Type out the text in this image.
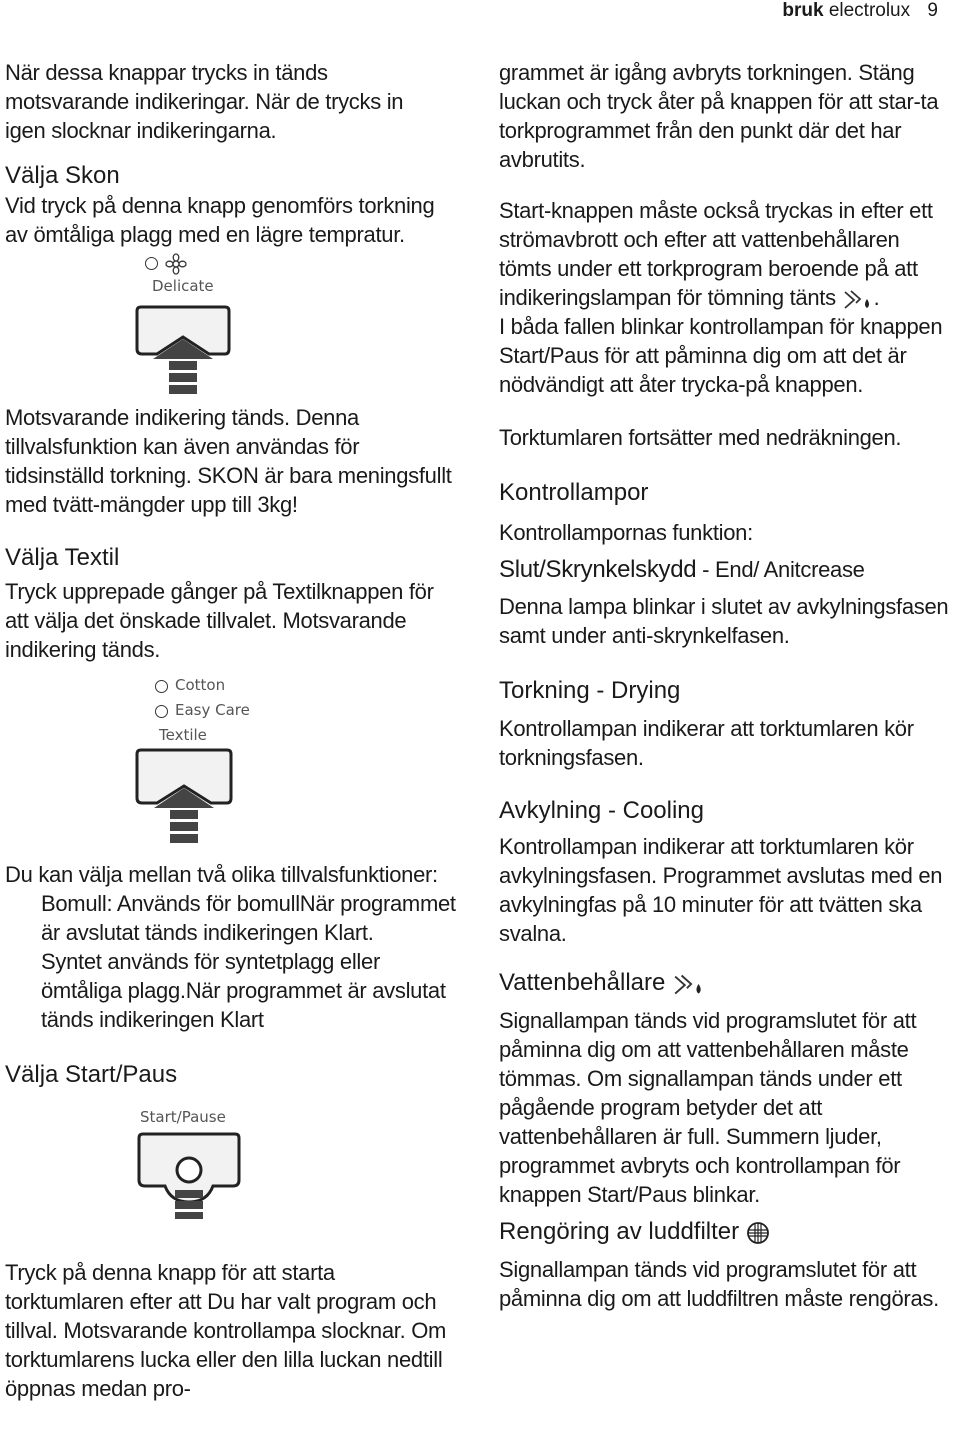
bruk electrolux 9

När dessa knappar trycks in tänds motsvarande indikeringar. När de trycks in igen slocknar indikeringarna.

Välja Skon

Vid tryck på denna knapp genomförs torkning av ömtåliga plagg med en lägre tempratur.

Delicate

Motsvarande indikering tänds. Denna tillvalsfunktion kan även användas för tidsinställd torkning. SKON är bara meningsfullt med tvätt-mängder upp till 3kg!

Välja Textil

Tryck upprepade gånger på Textilknappen för att välja det önskade tillvalet. Motsvarande indikering tänds.

Cotton
Easy Care
Textile

Du kan välja mellan två olika tillvalsfunktioner:

Bomull: Används för bomullNär programmet är avslutat tänds indikeringen Klart.

Syntet används för syntetplagg eller ömtåliga plagg.När programmet är avslutat tänds indikeringen Klart

Välja Start/Paus
Start/Pause

Tryck på denna knapp för att starta torktumlaren efter att Du har valt program och tillval. Motsvarande kontrollampa slocknar. Om torktumlarens lucka eller den lilla luckan nedtill öppnas medan pro-

grammet är igång avbryts torkningen. Stäng luckan och tryck åter på knappen för att star-ta torkprogrammet från den punkt där det har avbrutits.

Start-knappen måste också tryckas in efter ett strömavbrott och efter att vattenbehållaren tömts under ett torkprogram beroende på att indikeringslampan för tömning tänts .

I båda fallen blinkar kontrollampan för knappen Start/Paus för att påminna dig om att det är nödvändigt att åter trycka-på knappen.

Torktumlaren fortsätter med nedräkningen.

Kontrollampor

Kontrollampornas funktion:

Slut/Skrynkelskydd - End/ Anitcrease

Denna lampa blinkar i slutet av avkylningsfasen samt under anti-skrynkelfasen.

Torkning - Drying

Kontrollampan indikerar att torktumlaren kör torkningsfasen.

Avkylning - Cooling

Kontrollampan indikerar att torktumlaren kör avkylningsfasen. Programmet avslutas med en avkylningfas på 10 minuter för att tvätten ska svalna.

Vattenbehållare

Signallampan tänds vid programslutet för att påminna dig om att vattenbehållaren måste tömmas. Om signallampan tänds under ett pågående program betyder det att vattenbehållaren är full. Summern ljuder, programmet avbryts och kontrollampan för knappen Start/Paus blinkar.

Rengöring av luddfilter

Signallampan tänds vid programslutet för att påminna dig om att luddfiltren måste rengöras.
